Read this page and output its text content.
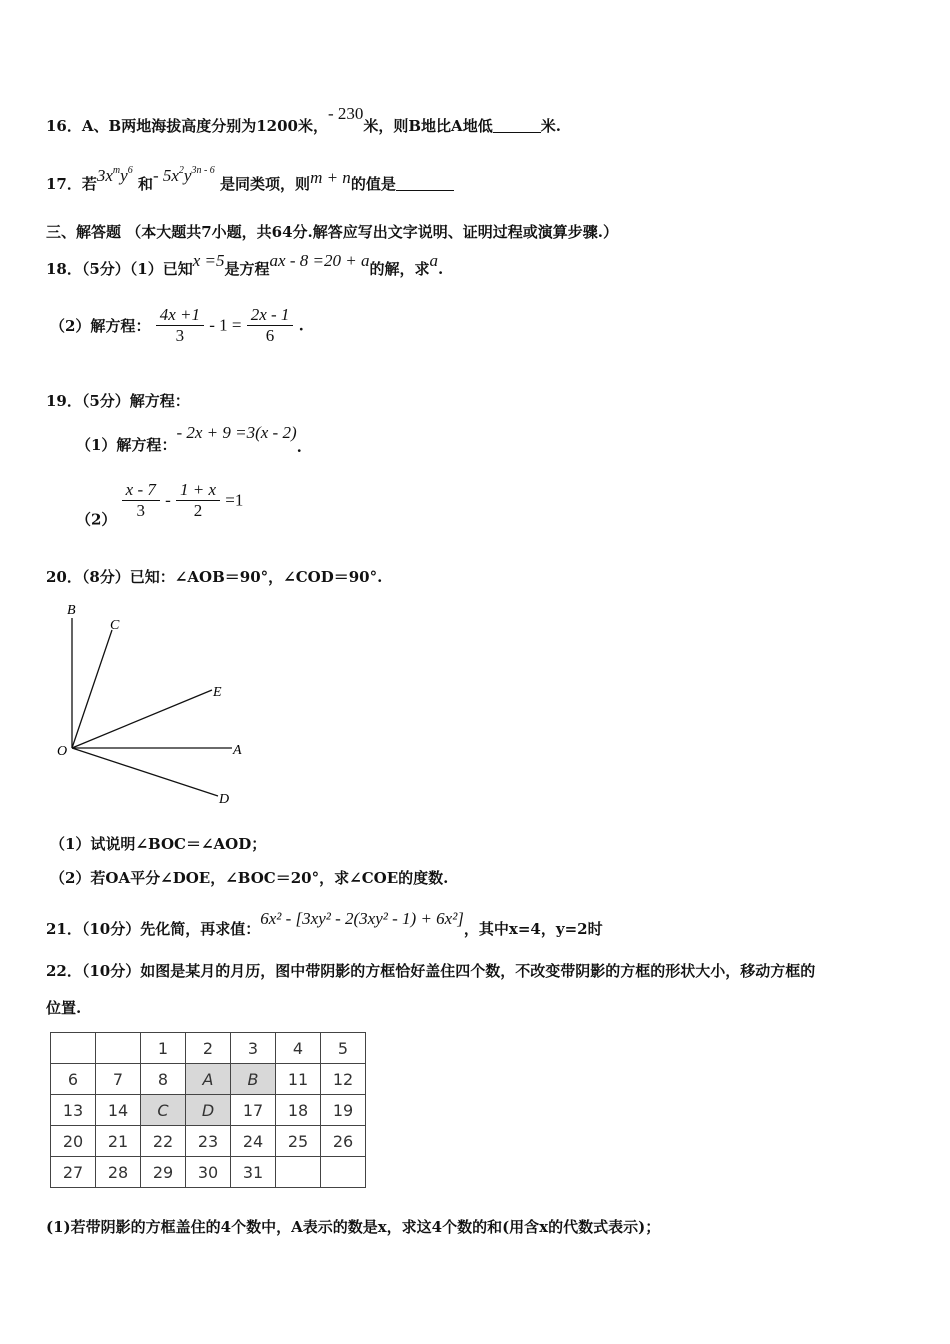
16．A、B两地海拔高度分别为1200米，- 230米，则B地比A地低	米.
17．若$3x^my^6$ 和- $5x^2y^{3n - 6}$ 是同类项，则m + n的值是
三、解答题 （本大题共7小题，共64分.解答应写出文字说明、证明过程或演算步骤.）
18．（5分）（1）已知x =5是方程ax - 8 =20 + a的解，求a.
（2）解方程： $\frac{4x +1}{3} - 1 = \frac{2x - 1}{6}$ .
19．（5分）解方程：
（1）解方程：- 2x + 9 =3(x - 2).
$(2) \frac{x - 7}{3} - \frac{1 + x}{2} =1$
20．（8分）已知：∠AOB＝90°，∠COD＝90°.
B
C
E
O	A
D
（1）试说明∠BOC＝∠AOD；
（2）若OA平分∠DOE，∠BOC＝20°，求∠COE的度数.
21．（10分）先化简，再求值：6x² - [3xy² - 2(3xy² - 1) + 6x²]，其中x=4，y=2时
22．（10分）如图是某月的月历，图中带阴影的方框恰好盖住四个数，不改变带阴影的方框的形状大小，移动方框的
位置.
		1	2	3	4	5
6	7	8	A	B	11	12
13	14	C	D	17	18	19
20	21	22	23	24	25	26
27	28	29	30	31		
(1)若带阴影的方框盖住的4个数中，A表示的数是x，求这4个数的和(用含x的代数式表示)；
